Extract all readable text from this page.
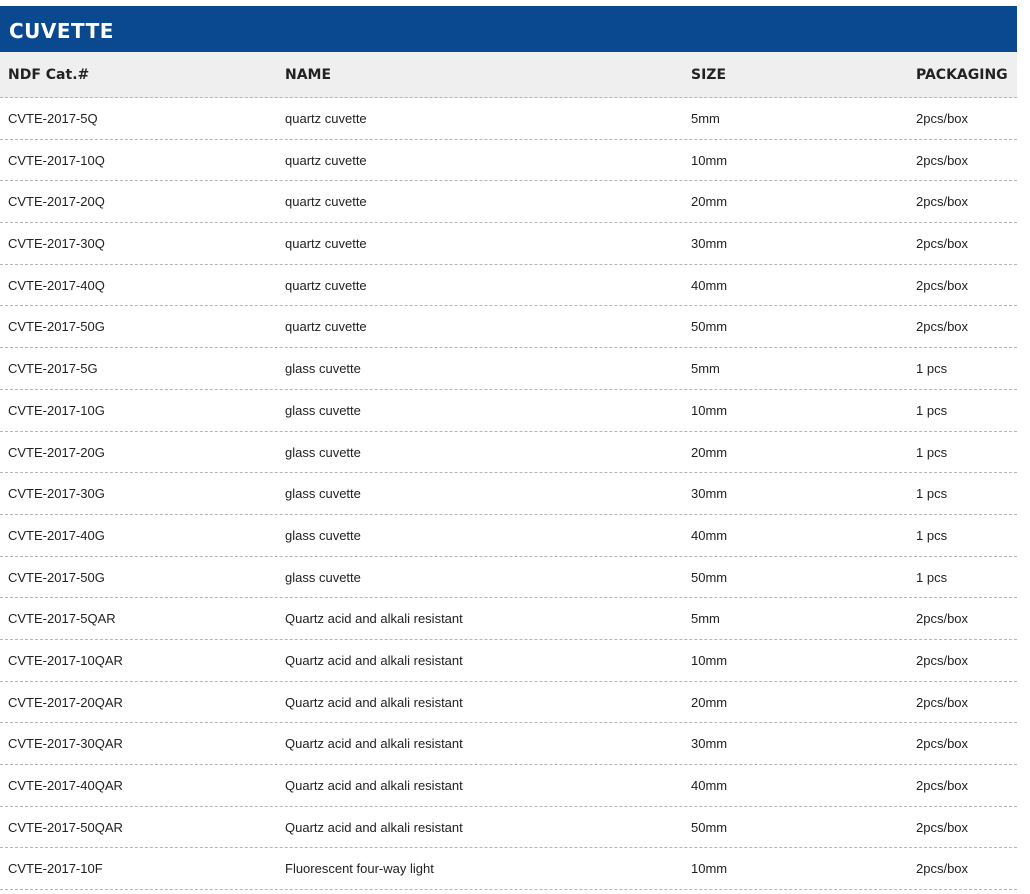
CUVETTE
NDF Cat.#	NAME	SIZE	PACKAGING
CVTE-2017-5Q	quartz cuvette	5mm	2pcs/box
CVTE-2017-10Q	quartz cuvette	10mm	2pcs/box
CVTE-2017-20Q	quartz cuvette	20mm	2pcs/box
CVTE-2017-30Q	quartz cuvette	30mm	2pcs/box
CVTE-2017-40Q	quartz cuvette	40mm	2pcs/box
CVTE-2017-50G	quartz cuvette	50mm	2pcs/box
CVTE-2017-5G	glass cuvette	5mm	1 pcs
CVTE-2017-10G	glass cuvette	10mm	1 pcs
CVTE-2017-20G	glass cuvette	20mm	1 pcs
CVTE-2017-30G	glass cuvette	30mm	1 pcs
CVTE-2017-40G	glass cuvette	40mm	1 pcs
CVTE-2017-50G	glass cuvette	50mm	1 pcs
CVTE-2017-5QAR	Quartz acid and alkali resistant	5mm	2pcs/box
CVTE-2017-10QAR	Quartz acid and alkali resistant	10mm	2pcs/box
CVTE-2017-20QAR	Quartz acid and alkali resistant	20mm	2pcs/box
CVTE-2017-30QAR	Quartz acid and alkali resistant	30mm	2pcs/box
CVTE-2017-40QAR	Quartz acid and alkali resistant	40mm	2pcs/box
CVTE-2017-50QAR	Quartz acid and alkali resistant	50mm	2pcs/box
CVTE-2017-10F	Fluorescent four-way light	10mm	2pcs/box
